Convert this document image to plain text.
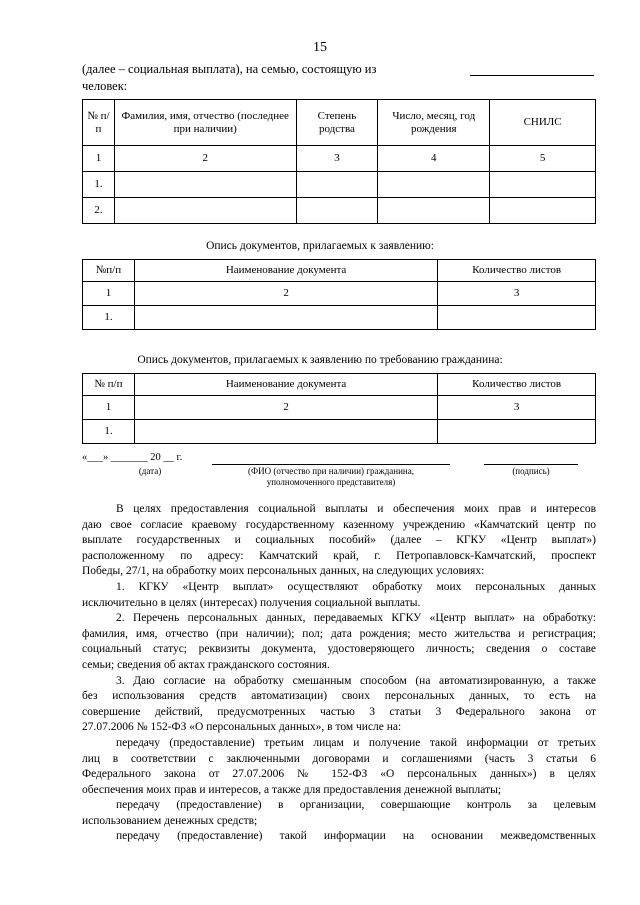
15
(далее – социальная выплата), на семью, состоящую из
человек:
№ п/п	Фамилия, имя, отчество (последнее при наличии)	Степень родства	Число, месяц, год рождения	СНИЛС
1	2	3	4	5
1.				
2.				
Опись документов, прилагаемых к заявлению:
№п/п	Наименование документа	Количество листов
1	2	3
1.		
Опись документов, прилагаемых к заявлению по требованию гражданина:
№ п/п	Наименование документа	Количество листов
1	2	3
1.		
«___» _______ 20 __ г.
(дата)	(ФИО (отчество при наличии) гражданина, уполномоченного представителя)
(подпись)
В целях предоставления социальной выплаты и обеспечения моих прав и интересов
даю свое согласие краевому государственному казенному учреждению «Камчатский центр по
выплате государственных и социальных пособий» (далее – КГКУ «Центр выплат»)
расположенному по адресу: Камчатский край, г. Петропавловск-Камчатский, проспект
Победы, 27/1, на обработку моих персональных данных, на следующих условиях:
1. КГКУ «Центр выплат» осуществляют обработку моих персональных данных
исключительно в целях (интересах) получения социальной выплаты.
2. Перечень персональных данных, передаваемых КГКУ «Центр выплат» на обработку:
фамилия, имя, отчество (при наличии); пол; дата рождения; место жительства и регистрация;
социальный статус; реквизиты документа, удостоверяющего личность; сведения о составе
семьи; сведения об актах гражданского состояния.
3. Даю согласие на обработку смешанным способом (на автоматизированную, а также
без использования средств автоматизации) своих персональных данных, то есть на
совершение действий, предусмотренных частью 3 статьи 3 Федерального закона от
27.07.2006 № 152-ФЗ «О персональных данных», в том числе на:
передачу (предоставление) третьим лицам и получение такой информации от третьих
лиц в соответствии с заключенными договорами и соглашениями (часть 3 статьи 6
Федерального закона от 27.07.2006 № 152-ФЗ «О персональных данных») в целях
обеспечения моих прав и интересов, а также для предоставления денежной выплаты;
передачу (предоставление) в организации, совершающие контроль за целевым
использованием денежных средств;
передачу (предоставление) такой информации на основании межведомственных
